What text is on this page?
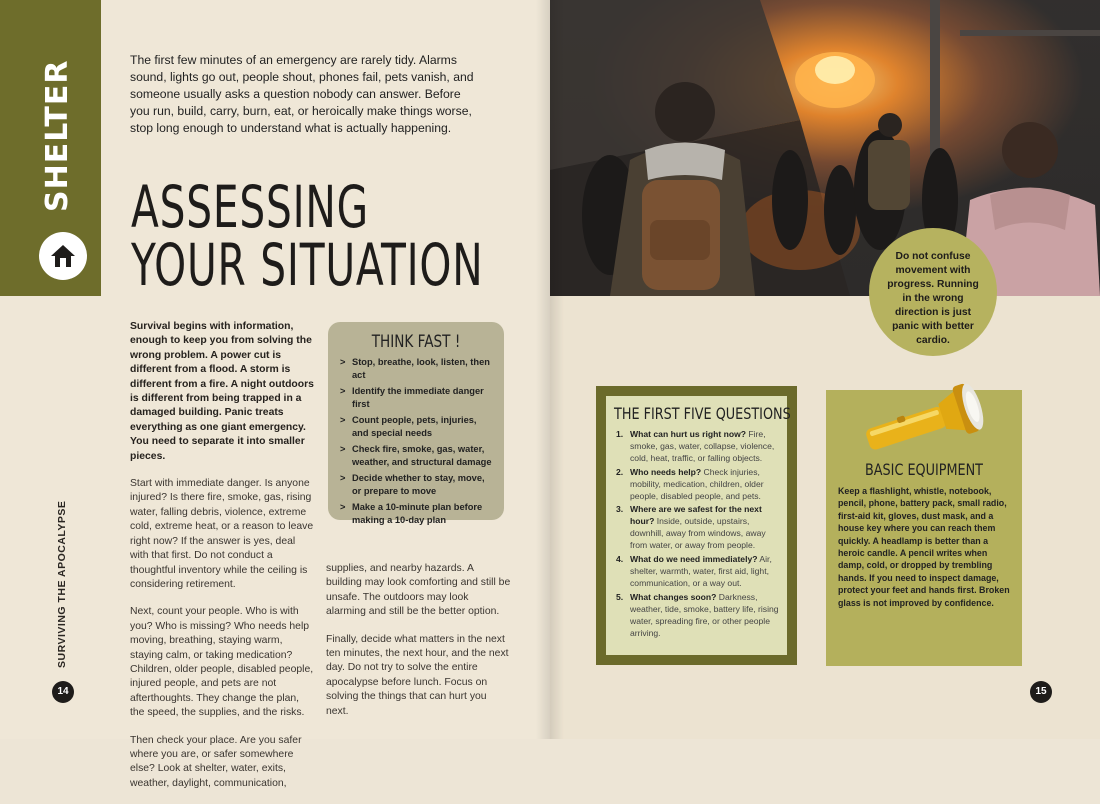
SHELTER	The first few minutes of an emergency are rarely tidy. Alarms sound, lights go out, people shout, phones fail, pets vanish, and someone usually asks a question nobody can answer. Before you run, build, carry, burn, eat, or heroically make things worse, stop long enough to understand what is actually happening.
ASSESSING
YOUR SITUATION

Survival begins with information, enough to keep you from solving the wrong problem. A power cut is different from a flood. A storm is different from a fire. A night outdoors is different from being trapped in a damaged building. Panic treats everything as one giant emergency. You need to separate it into smaller pieces.

Start with immediate danger. Is anyone injured? Is there fire, smoke, gas, rising water, falling debris, violence, extreme cold, extreme heat, or a reason to leave right now? If the answer is yes, deal with that first. Do not conduct a thoughtful inventory while the ceiling is considering retirement.

Next, count your people. Who is with you? Who is missing? Who needs help moving, breathing, staying warm, staying calm, or taking medication? Children, older people, disabled people, injured people, and pets are not afterthoughts. They change the plan, the speed, the supplies, and the risks.

Then check your place. Are you safer where you are, or safer somewhere else? Look at shelter, water, exits, weather, daylight, communication,

supplies, and nearby hazards. A building may look comforting and still be unsafe. The outdoors may look alarming and still be the better option.

Finally, decide what matters in the next ten minutes, the next hour, and the next day. Do not try to solve the entire apocalypse before lunch. Focus on solving the things that can hurt you next.

THINK FAST !
> Stop, breathe, look, listen, then act
> Identify the immediate danger first
> Count people, pets, injuries, and special needs
> Check fire, smoke, gas, water, weather, and structural damage
> Decide whether to stay, move, or prepare to move
> Make a 10-minute plan before making a 10-day plan
SURVIVING THE APOCALYPSE
14	15
Do not confuse movement with progress. Running in the wrong direction is just panic with better cardio.
THE FIRST FIVE QUESTIONS
1. What can hurt us right now? Fire, smoke, gas, water, collapse, violence, cold, heat, traffic, or falling objects.
2. Who needs help? Check injuries, mobility, medication, children, older people, disabled people, and pets.
3. Where are we safest for the next hour? Inside, outside, upstairs, downhill, away from windows, away from water, or away from people.
4. What do we need immediately? Air, shelter, warmth, water, first aid, light, communication, or a way out.
5. What changes soon? Darkness, weather, tide, smoke, battery life, rising water, spreading fire, or other people arriving.
BASIC EQUIPMENT

Keep a flashlight, whistle, notebook, pencil, phone, battery pack, small radio, first-aid kit, gloves, dust mask, and a house key where you can reach them quickly. A headlamp is better than a heroic candle. A pencil writes when damp, cold, or dropped by trembling hands. If you need to inspect damage, protect your feet and hands first. Broken glass is not improved by confidence.
